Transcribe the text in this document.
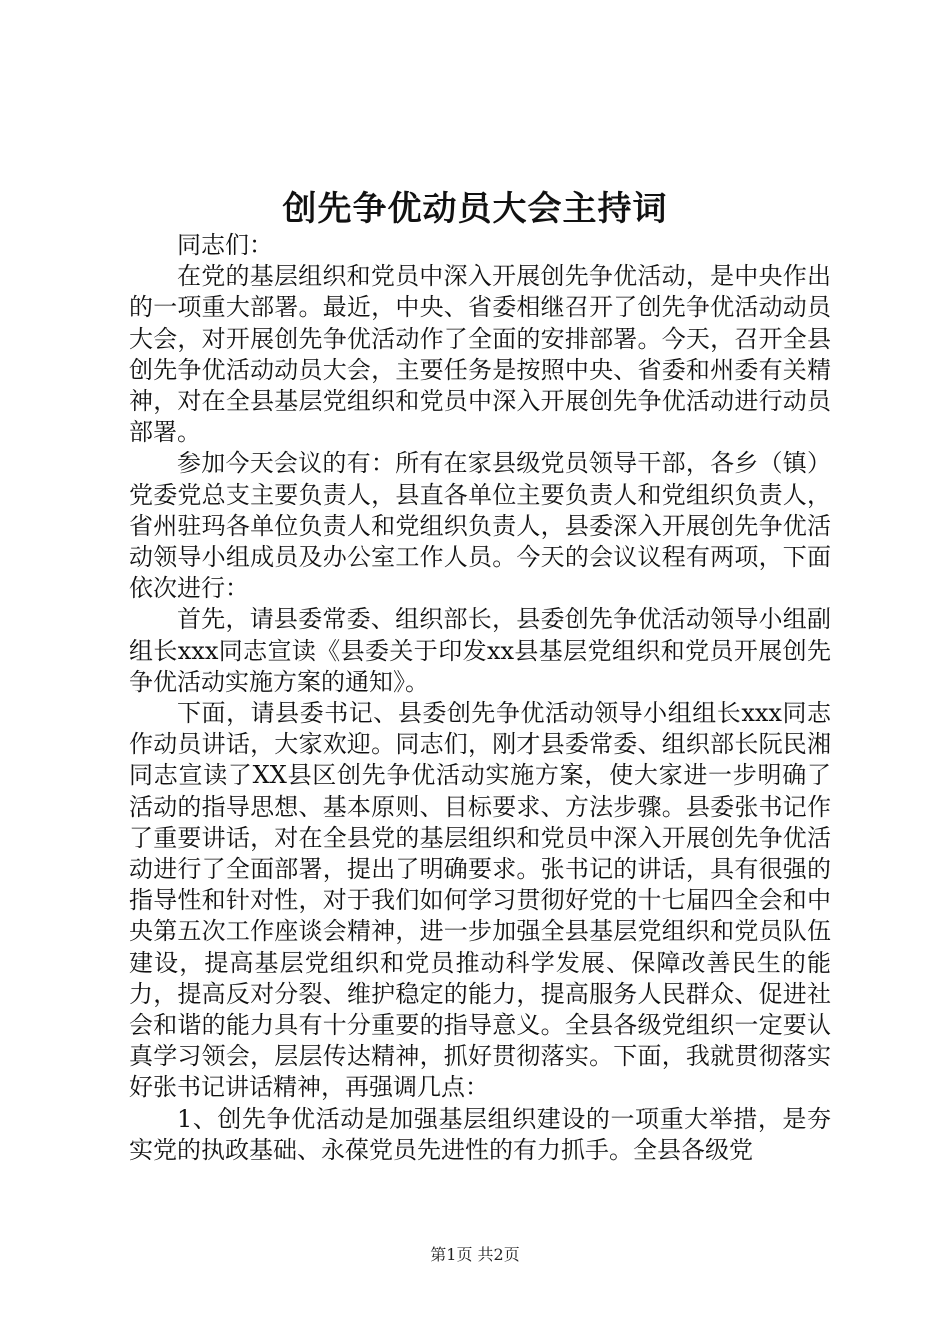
创先争优动员大会主持词

同志们：

在党的基层组织和党员中深入开展创先争优活动，是中央作出的一项重大部署。最近，中央、省委相继召开了创先争优活动动员大会，对开展创先争优活动作了全面的安排部署。今天，召开全县创先争优活动动员大会，主要任务是按照中央、省委和州委有关精神，对在全县基层党组织和党员中深入开展创先争优活动进行动员部署。

参加今天会议的有：所有在家县级党员领导干部，各乡（镇）党委党总支主要负责人，县直各单位主要负责人和党组织负责人，省州驻玛各单位负责人和党组织负责人，县委深入开展创先争优活动领导小组成员及办公室工作人员。今天的会议议程有两项，下面依次进行：

首先，请县委常委、组织部长，县委创先争优活动领导小组副组长xxx同志宣读《县委关于印发xx县基层党组织和党员开展创先争优活动实施方案的通知》。

下面，请县委书记、县委创先争优活动领导小组组长xxx同志作动员讲话，大家欢迎。同志们，刚才县委常委、组织部长阮民湘同志宣读了XX县区创先争优活动实施方案，使大家进一步明确了活动的指导思想、基本原则、目标要求、方法步骤。县委张书记作了重要讲话，对在全县党的基层组织和党员中深入开展创先争优活动进行了全面部署，提出了明确要求。张书记的讲话，具有很强的指导性和针对性，对于我们如何学习贯彻好党的十七届四全会和中央第五次工作座谈会精神，进一步加强全县基层党组织和党员队伍建设，提高基层党组织和党员推动科学发展、保障改善民生的能力，提高反对分裂、维护稳定的能力，提高服务人民群众、促进社会和谐的能力具有十分重要的指导意义。全县各级党组织一定要认真学习领会，层层传达精神，抓好贯彻落实。下面，我就贯彻落实好张书记讲话精神，再强调几点：

1、创先争优活动是加强基层组织建设的一项重大举措，是夯实党的执政基础、永葆党员先进性的有力抓手。全县各级党

第1页 共2页
